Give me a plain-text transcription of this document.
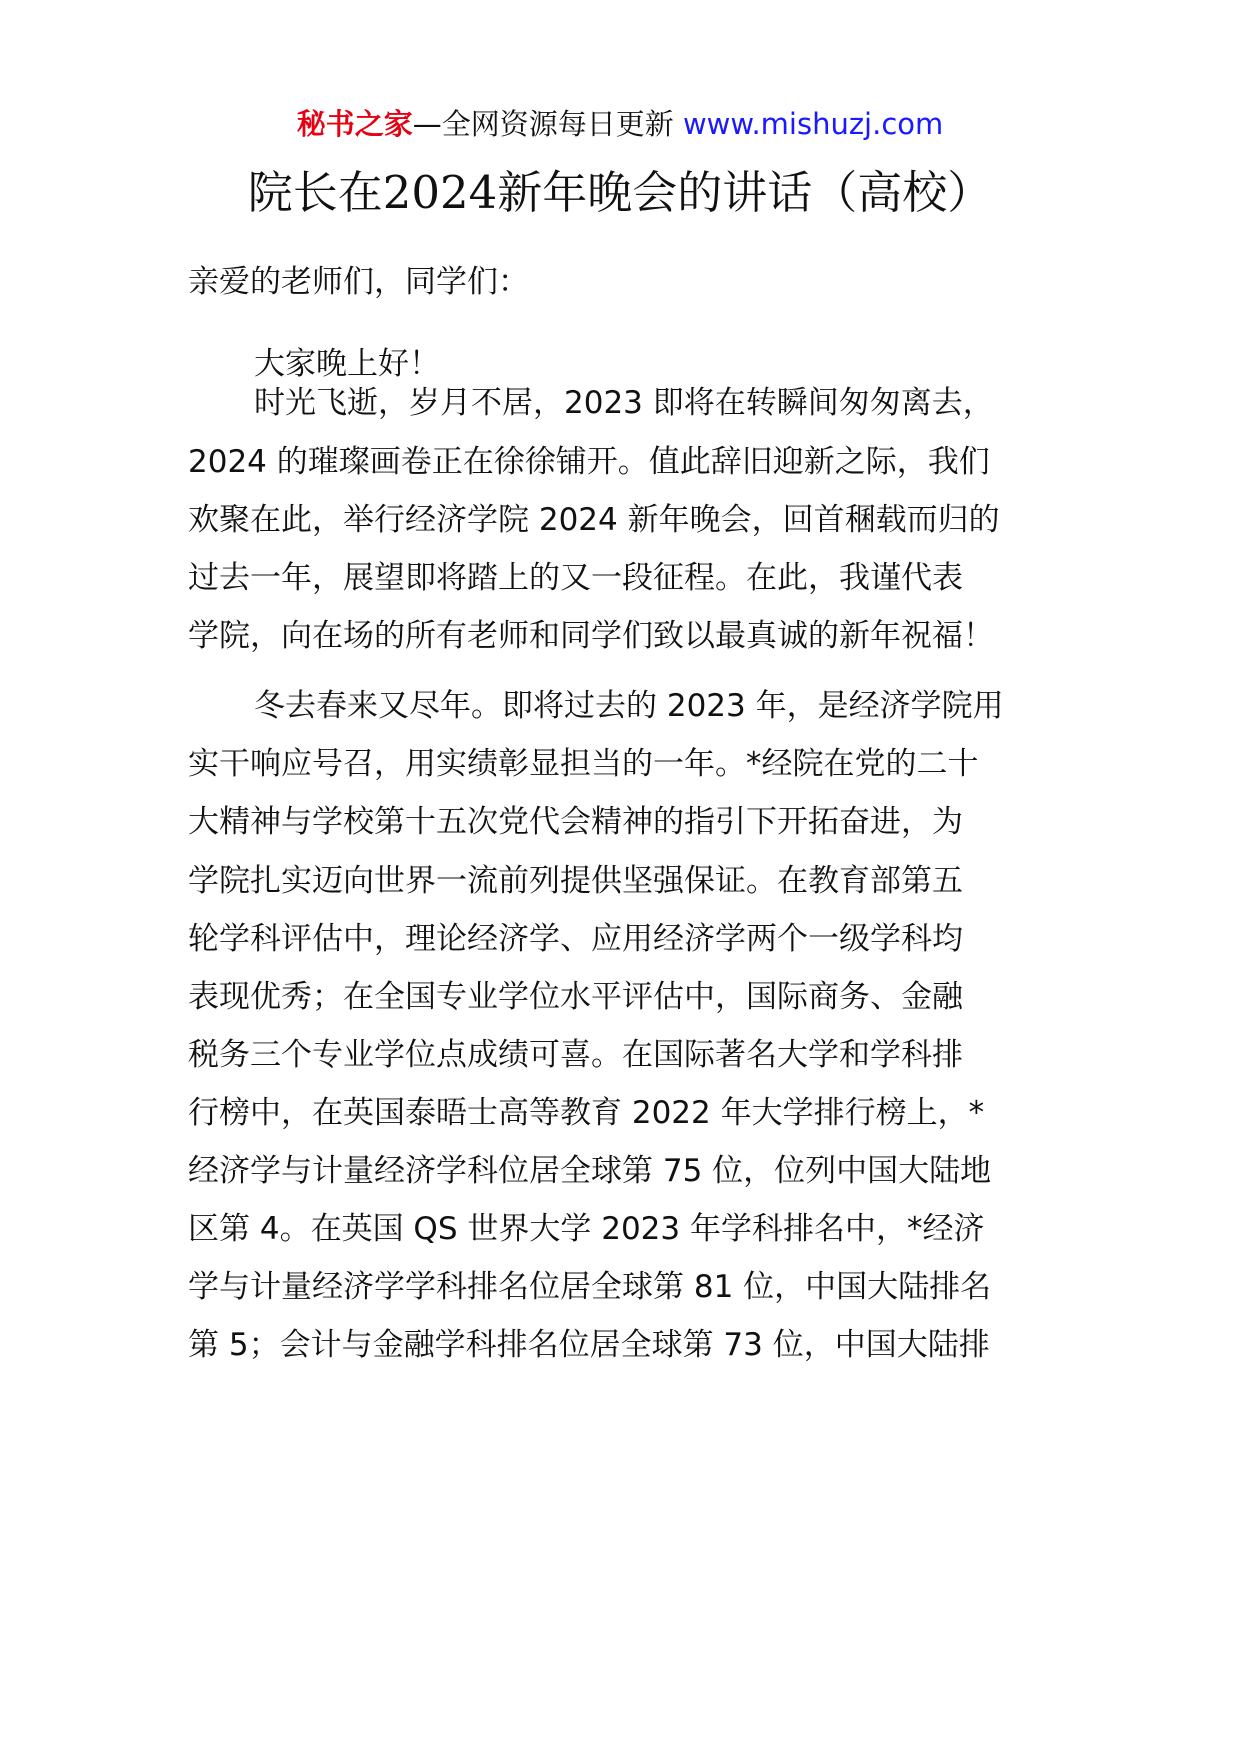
秘书之家—全网资源每日更新 www.mishuzj.com
院长在2024新年晚会的讲话（高校）
亲爱的老师们，同学们：
大家晚上好！
时光飞逝，岁月不居，2023 即将在转瞬间匆匆离去，
2024 的璀璨画卷正在徐徐铺开。值此辞旧迎新之际，我们
欢聚在此，举行经济学院 2024 新年晚会，回首稛载而归的
过去一年，展望即将踏上的又一段征程。在此，我谨代表
学院，向在场的所有老师和同学们致以最真诚的新年祝福！
冬去春来又尽年。即将过去的 2023 年，是经济学院用
实干响应号召，用实绩彰显担当的一年。*经院在党的二十
大精神与学校第十五次党代会精神的指引下开拓奋进，为
学院扎实迈向世界一流前列提供坚强保证。在教育部第五
轮学科评估中，理论经济学、应用经济学两个一级学科均
表现优秀；在全国专业学位水平评估中，国际商务、金融
税务三个专业学位点成绩可喜。在国际著名大学和学科排
行榜中，在英国泰晤士高等教育 2022 年大学排行榜上，*
经济学与计量经济学科位居全球第 75 位，位列中国大陆地
区第 4。在英国 QS 世界大学 2023 年学科排名中，*经济
学与计量经济学学科排名位居全球第 81 位，中国大陆排名
第 5；会计与金融学科排名位居全球第 73 位，中国大陆排
